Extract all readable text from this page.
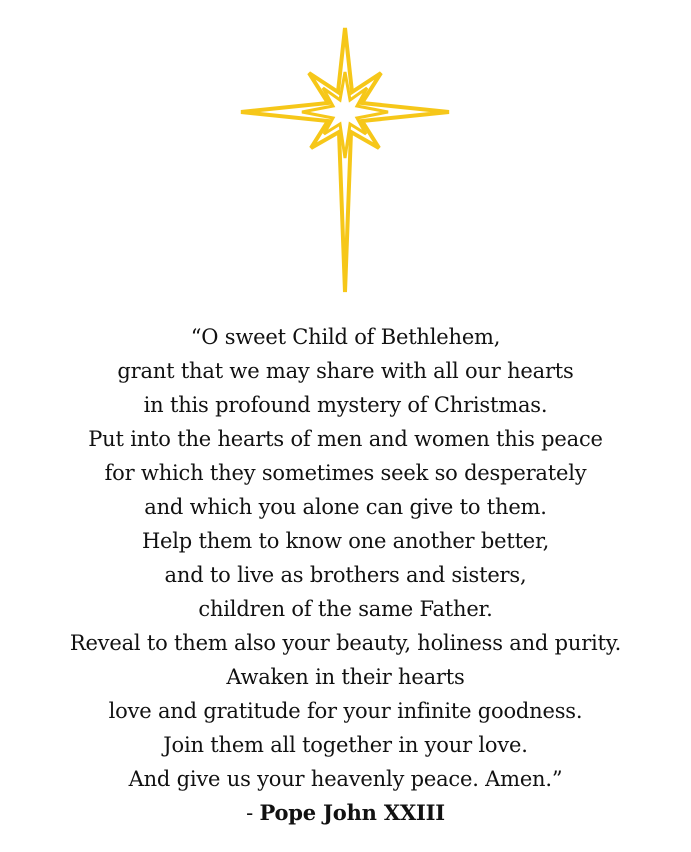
“O sweet Child of Bethlehem,
grant that we may share with all our hearts
in this profound mystery of Christmas.
Put into the hearts of men and women this peace
for which they sometimes seek so desperately
and which you alone can give to them.
Help them to know one another better,
and to live as brothers and sisters,
children of the same Father.
Reveal to them also your beauty, holiness and purity.
Awaken in their hearts
love and gratitude for your infinite goodness.
Join them all together in your love.
And give us your heavenly peace. Amen.”
- Pope John XXIII
